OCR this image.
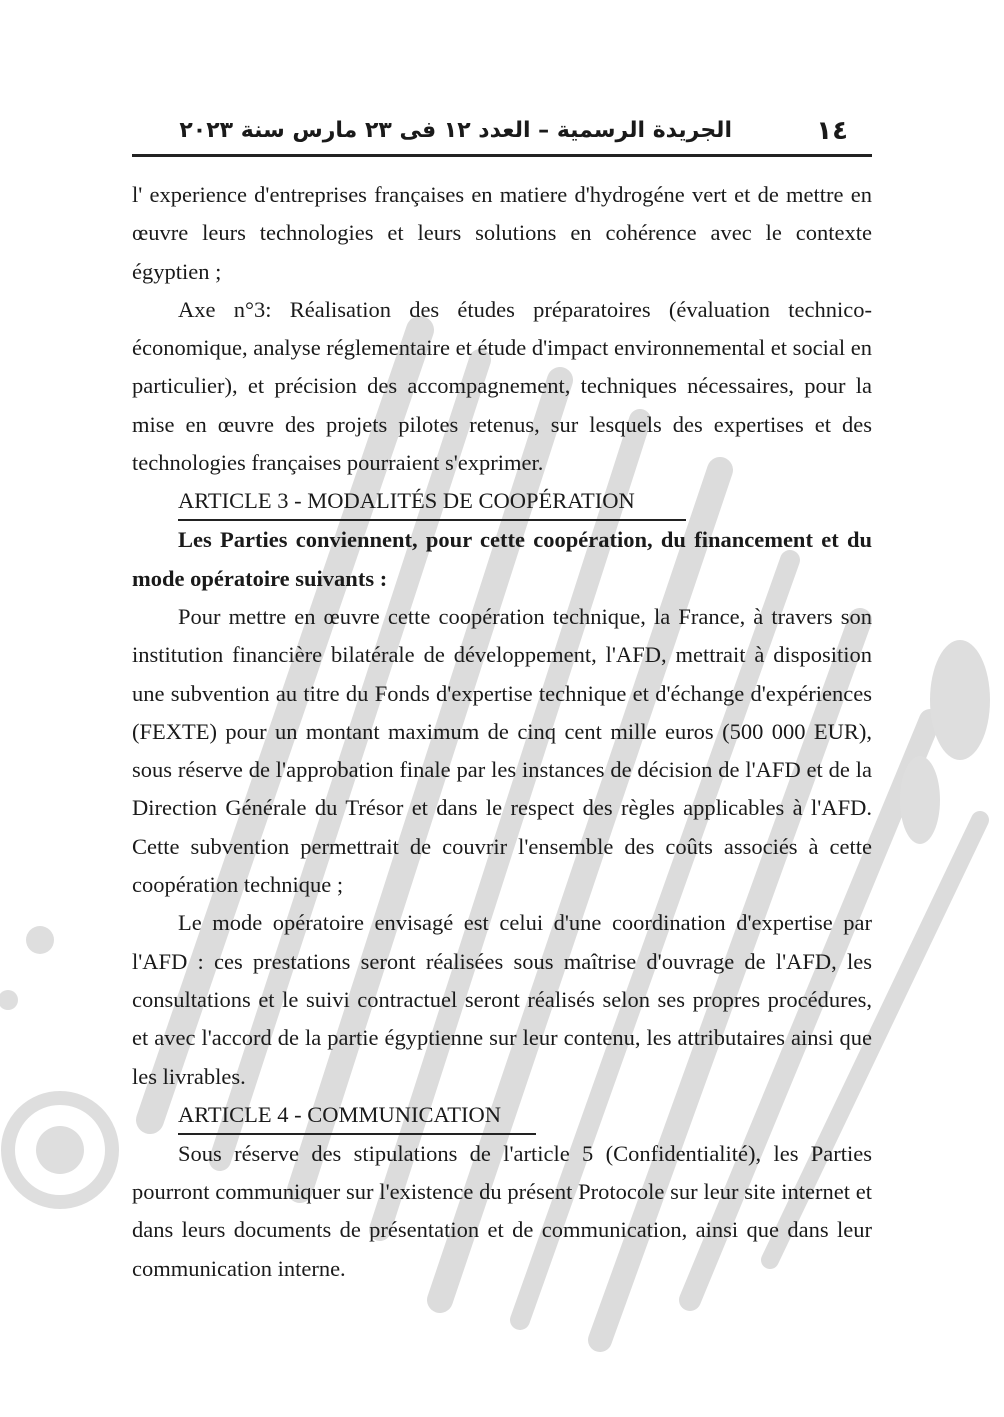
١٤
الجريدة الرسمية – العدد ١٢ فى ٢٣ مارس سنة ٢٠٢٣

l' experience d'entreprises françaises en matiere d'hydrogéne vert et de mettre en œuvre leurs technologies et leurs solutions en cohérence avec le contexte égyptien ;

Axe n°3: Réalisation des études préparatoires (évaluation technico-économique, analyse réglementaire et étude d'impact environnemental et social en particulier), et précision des accompagnement, techniques nécessaires, pour la mise en œuvre des projets pilotes retenus, sur lesquels des expertises et des technologies françaises pourraient s'exprimer.

ARTICLE 3 - MODALITÉS DE COOPÉRATION

Les Parties conviennent, pour cette coopération, du financement et du mode opératoire suivants :

Pour mettre en œuvre cette coopération technique, la France, à travers son institution financière bilatérale de développement, l'AFD, mettrait à disposition une subvention au titre du Fonds d'expertise technique et d'échange d'expériences (FEXTE) pour un montant maximum de cinq cent mille euros (500 000 EUR), sous réserve de l'approbation finale par les instances de décision de l'AFD et de la Direction Générale du Trésor et dans le respect des règles applicables à l'AFD. Cette subvention permettrait de couvrir l'ensemble des coûts associés à cette coopération technique ;

Le mode opératoire envisagé est celui d'une coordination d'expertise par l'AFD : ces prestations seront réalisées sous maîtrise d'ouvrage de l'AFD, les consultations et le suivi contractuel seront réalisés selon ses propres procédures, et avec l'accord de la partie égyptienne sur leur contenu, les attributaires ainsi que les livrables.

ARTICLE 4 - COMMUNICATION

Sous réserve des stipulations de l'article 5 (Confidentialité), les Parties pourront communiquer sur l'existence du présent Protocole sur leur site internet et dans leurs documents de présentation et de communication, ainsi que dans leur communication interne.
